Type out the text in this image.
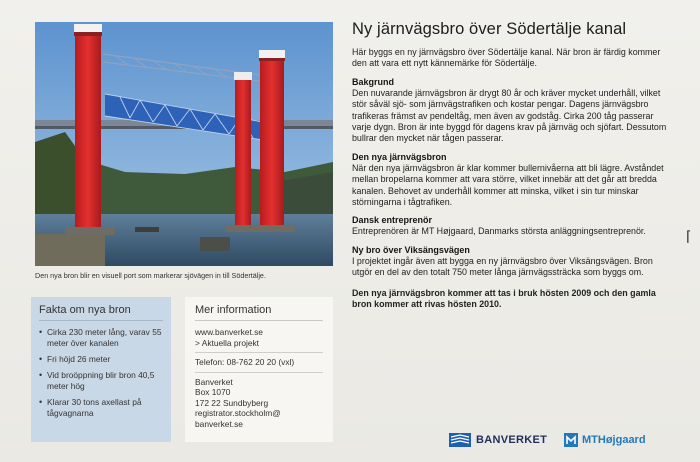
Den nya bron blir en visuell port som markerar sjövägen in till Södertälje.
Fakta om nya bron
• Cirka 230 meter lång, varav 55 meter över kanalen
• Fri höjd 26 meter
• Vid broöppning blir bron 40,5 meter hög
• Klarar 30 tons axellast på tågvagnarna
Mer information
www.banverket.se
> Aktuella projekt
Telefon: 08-762 20 20 (vxl)
Banverket
Box 1070
172 22 Sundbyberg
registrator.stockholm@
banverket.se
Ny järnvägsbro över Södertälje kanal

Här byggs en ny järnvägsbro över Södertälje kanal. När bron är färdig kommer den att vara ett nytt kännemärke för Södertälje.

Bakgrund

Den nuvarande järnvägsbron är drygt 80 år och kräver mycket underhåll, vilket stör såväl sjö- som järnvägstrafiken och kostar pengar. Dagens järnvägsbro trafikeras främst av pendeltåg, men även av godståg. Cirka 200 tåg passerar varje dygn. Bron är inte byggd för dagens krav på järnväg och sjöfart. Dessutom bullrar den mycket när tågen passerar.

Den nya järnvägsbron

När den nya järnvägsbron är klar kommer bullernivåerna att bli lägre. Avståndet mellan bropelarna kommer att vara större, vilket innebär att det går att bredda kanalen. Behovet av underhåll kommer att minska, vilket i sin tur minskar störningarna i tågtrafiken.

Dansk entreprenör

Entreprenören är MT Højgaard, Danmarks största anläggningsentreprenör.

Ny bro över Viksängsvägen

I projektet ingår även att bygga en ny järnvägsbro över Viksängsvägen. Bron utgör en del av den totalt 750 meter långa järnvägssträcka som byggs om.

Den nya järnvägsbron kommer att tas i bruk hösten 2009 och den gamla bron kommer att rivas hösten 2010.

BANVERKET	MTHøjgaard
⌈
